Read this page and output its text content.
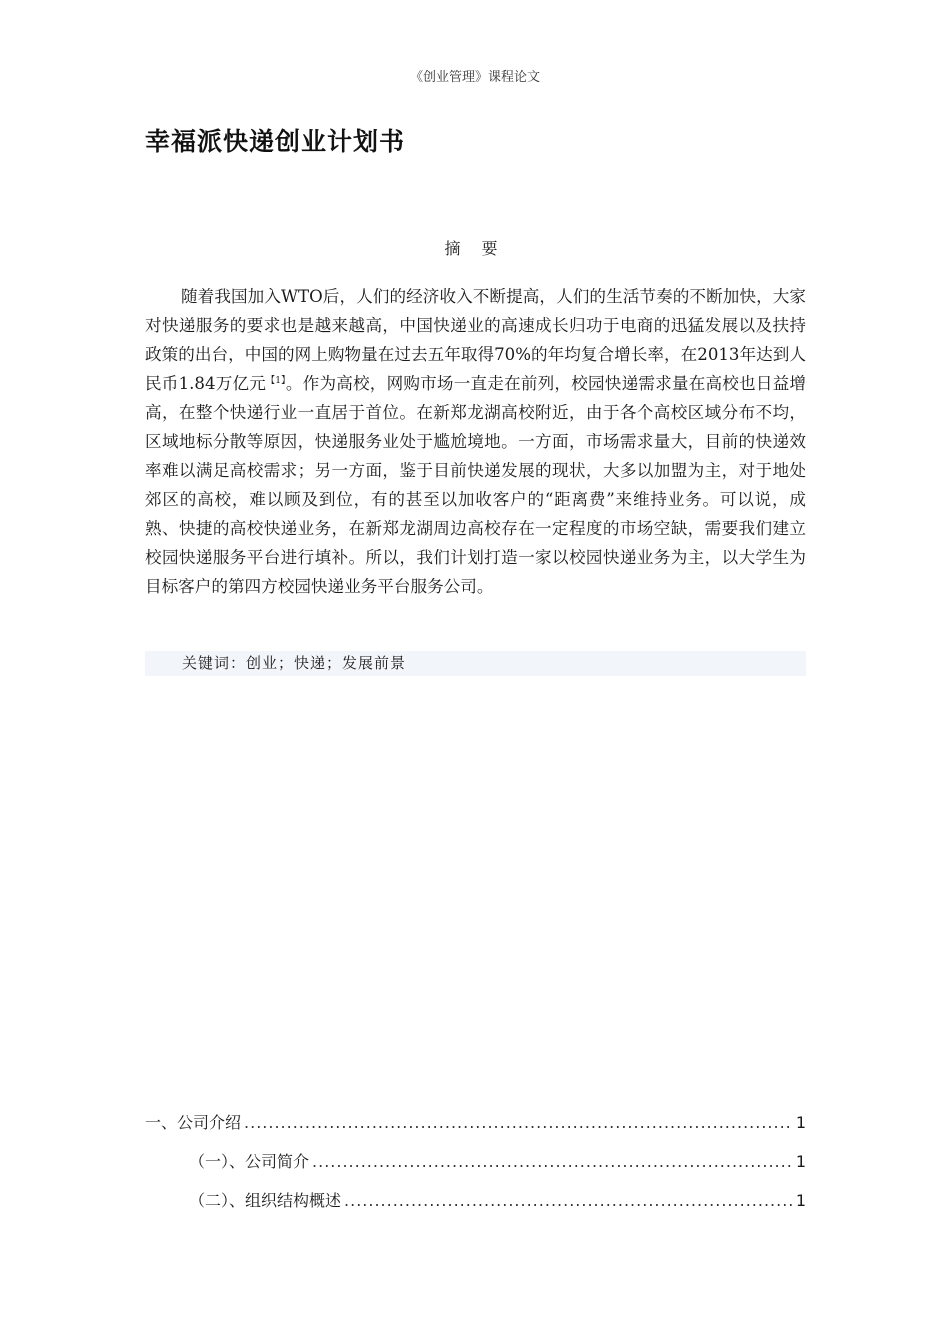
《创业管理》课程论文
幸福派快递创业计划书
摘 要

随着我国加入WTO后，人们的经济收入不断提高，人们的生活节奏的不断加快，大家对快递服务的要求也是越来越高，中国快递业的高速成长归功于电商的迅猛发展以及扶持政策的出台，中国的网上购物量在过去五年取得70%的年均复合增长率，在2013年达到人民币1.84万亿元$^{【1】}$。作为高校，网购市场一直走在前列，校园快递需求量在高校也日益增高，在整个快递行业一直居于首位。在新郑龙湖高校附近，由于各个高校区域分布不均，区域地标分散等原因，快递服务业处于尴尬境地。一方面，市场需求量大，目前的快递效率难以满足高校需求；另一方面，鉴于目前快递发展的现状，大多以加盟为主，对于地处郊区的高校，难以顾及到位，有的甚至以加收客户的“距离费”来维持业务。可以说，成熟、快捷的高校快递业务，在新郑龙湖周边高校存在一定程度的市场空缺，需要我们建立校园快递服务平台进行填补。所以，我们计划打造一家以校园快递业务为主，以大学生为目标客户的第四方校园快递业务平台服务公司。

关键词：创业；快递；发展前景
一、公司介绍 .....	1
（一）、公司简介 .....	1
（二）、组织结构概述 .....	1
